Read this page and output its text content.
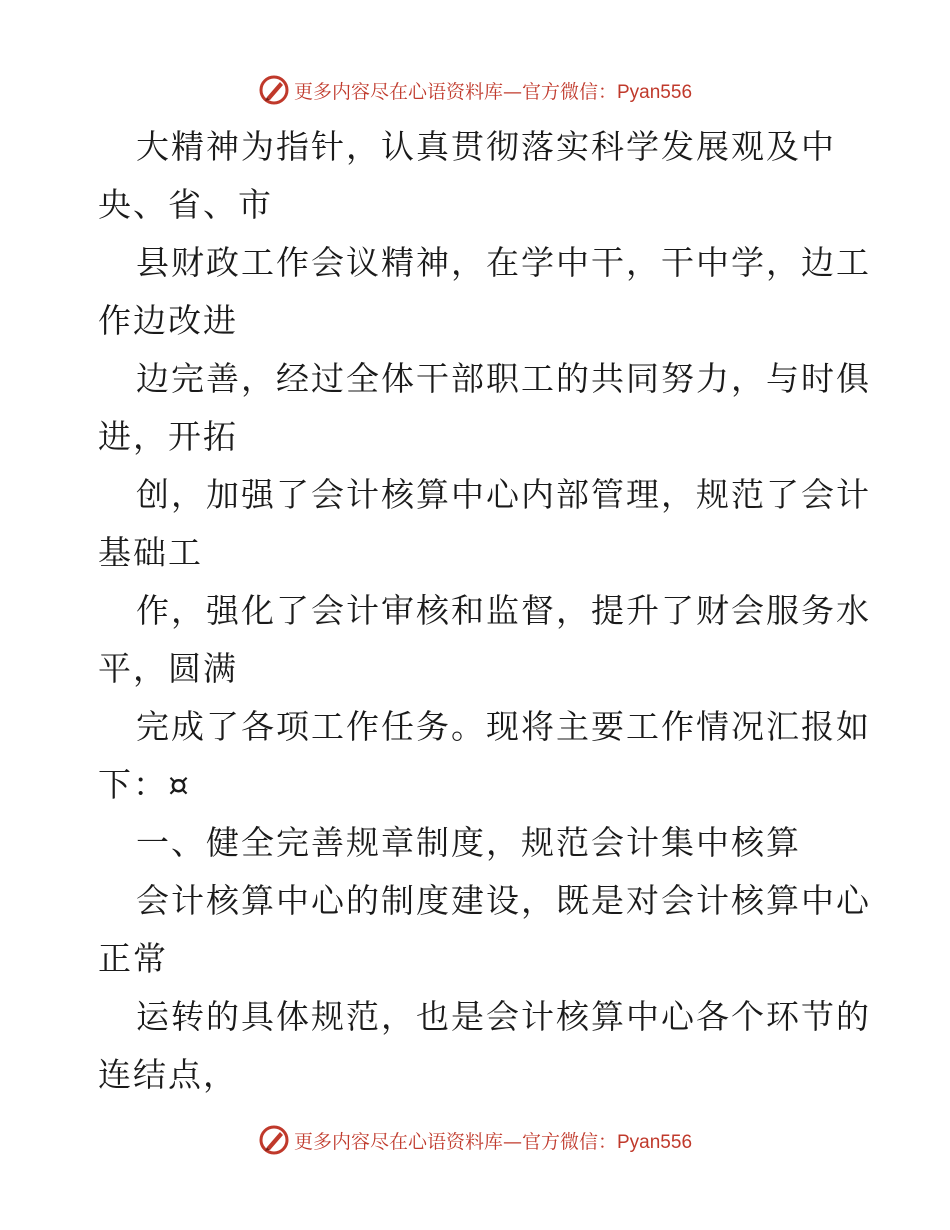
更多内容尽在心语资料库—官方微信：Pyan556

大精神为指针，认真贯彻落实科学发展观及中

央、省、市

县财政工作会议精神，在学中干，干中学，边工

作边改进

边完善，经过全体干部职工的共同努力，与时俱

进，开拓

创，加强了会计核算中心内部管理，规范了会计

基础工

作，强化了会计审核和监督，提升了财会服务水

平，圆满

完成了各项工作任务。现将主要工作情况汇报如

下：¤

一、健全完善规章制度，规范会计集中核算

会计核算中心的制度建设，既是对会计核算中心

正常

运转的具体规范，也是会计核算中心各个环节的

连结点，

更多内容尽在心语资料库—官方微信：Pyan556
